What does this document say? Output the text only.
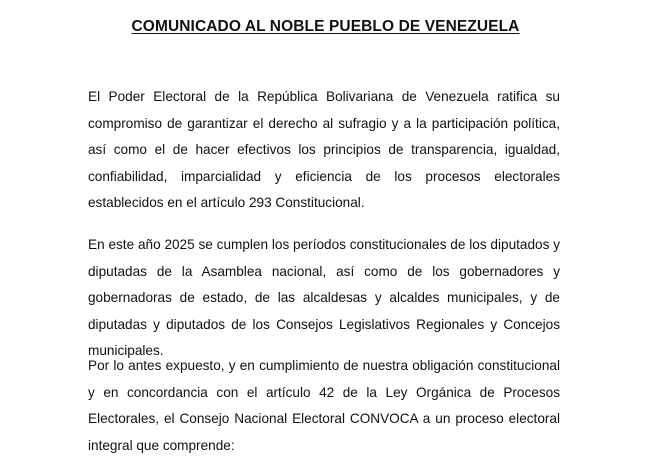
COMUNICADO AL NOBLE PUEBLO DE VENEZUELA

El Poder Electoral de la República Bolivariana de Venezuela ratifica su compromiso de garantizar el derecho al sufragio y a la participación política, así como el de hacer efectivos los principios de transparencia, igualdad, confiabilidad, imparcialidad y eficiencia de los procesos electorales establecidos en el artículo 293 Constitucional.

En este año 2025 se cumplen los períodos constitucionales de los diputados y diputadas de la Asamblea nacional, así como de los gobernadores y gobernadoras de estado, de las alcaldesas y alcaldes municipales, y de diputadas y diputados de los Consejos Legislativos Regionales y Concejos municipales.

Por lo antes expuesto, y en cumplimiento de nuestra obligación constitucional y en concordancia con el artículo 42 de la Ley Orgánica de Procesos Electorales, el Consejo Nacional Electoral CONVOCA a un proceso electoral integral que comprende:
